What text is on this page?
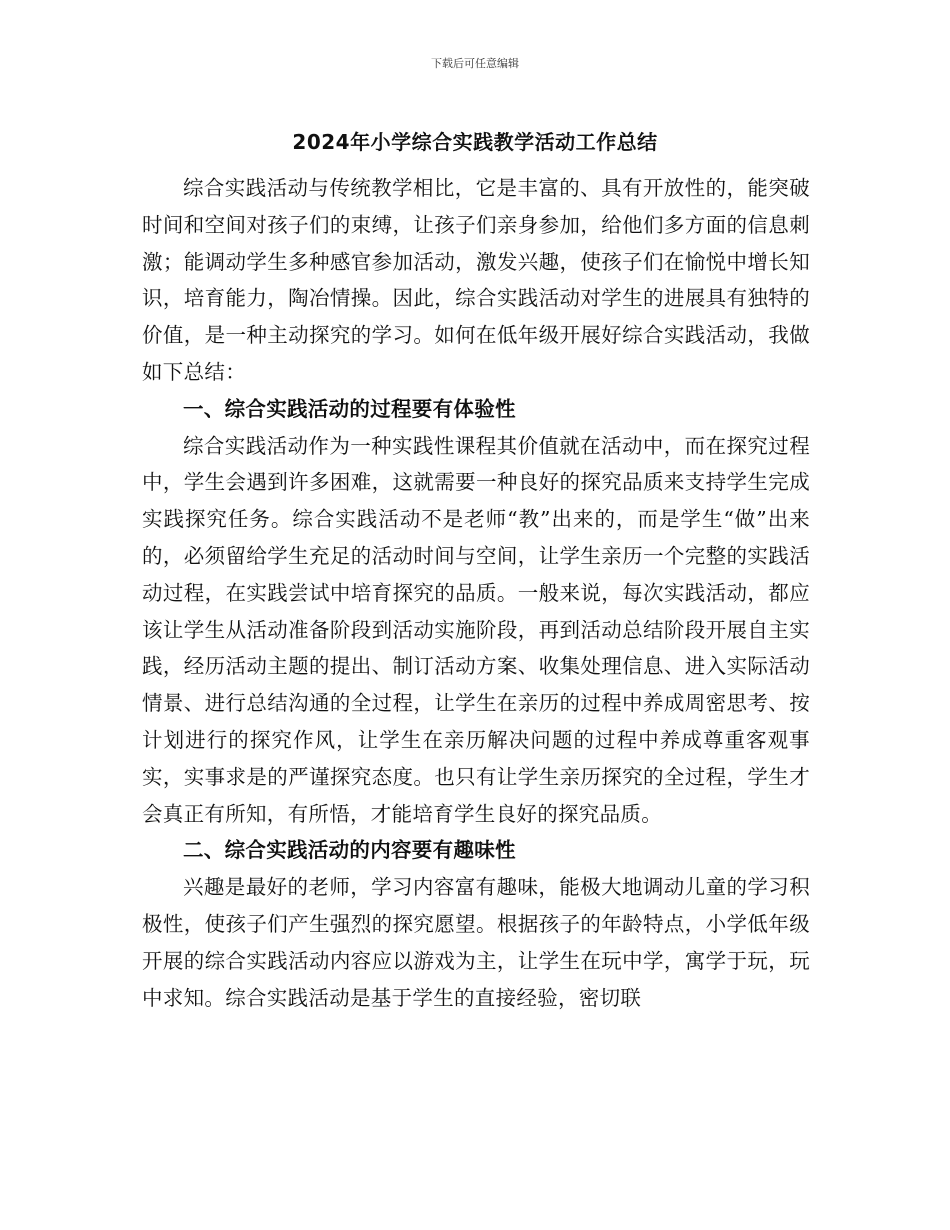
下载后可任意编辑
2024年小学综合实践教学活动工作总结

综合实践活动与传统教学相比，它是丰富的、具有开放性的，能突破时间和空间对孩子们的束缚，让孩子们亲身参加，给他们多方面的信息刺激；能调动学生多种感官参加活动，激发兴趣，使孩子们在愉悦中增长知识，培育能力，陶冶情操。因此，综合实践活动对学生的进展具有独特的价值，是一种主动探究的学习。如何在低年级开展好综合实践活动，我做如下总结：

一、综合实践活动的过程要有体验性

综合实践活动作为一种实践性课程其价值就在活动中，而在探究过程中，学生会遇到许多困难，这就需要一种良好的探究品质来支持学生完成实践探究任务。综合实践活动不是老师“教”出来的，而是学生“做”出来的，必须留给学生充足的活动时间与空间，让学生亲历一个完整的实践活动过程，在实践尝试中培育探究的品质。一般来说，每次实践活动，都应该让学生从活动准备阶段到活动实施阶段，再到活动总结阶段开展自主实践，经历活动主题的提出、制订活动方案、收集处理信息、进入实际活动情景、进行总结沟通的全过程，让学生在亲历的过程中养成周密思考、按计划进行的探究作风，让学生在亲历解决问题的过程中养成尊重客观事实，实事求是的严谨探究态度。也只有让学生亲历探究的全过程，学生才会真正有所知，有所悟，才能培育学生良好的探究品质。

二、综合实践活动的内容要有趣味性

兴趣是最好的老师，学习内容富有趣味，能极大地调动儿童的学习积极性，使孩子们产生强烈的探究愿望。根据孩子的年龄特点，小学低年级开展的综合实践活动内容应以游戏为主，让学生在玩中学，寓学于玩，玩中求知。综合实践活动是基于学生的直接经验，密切联
